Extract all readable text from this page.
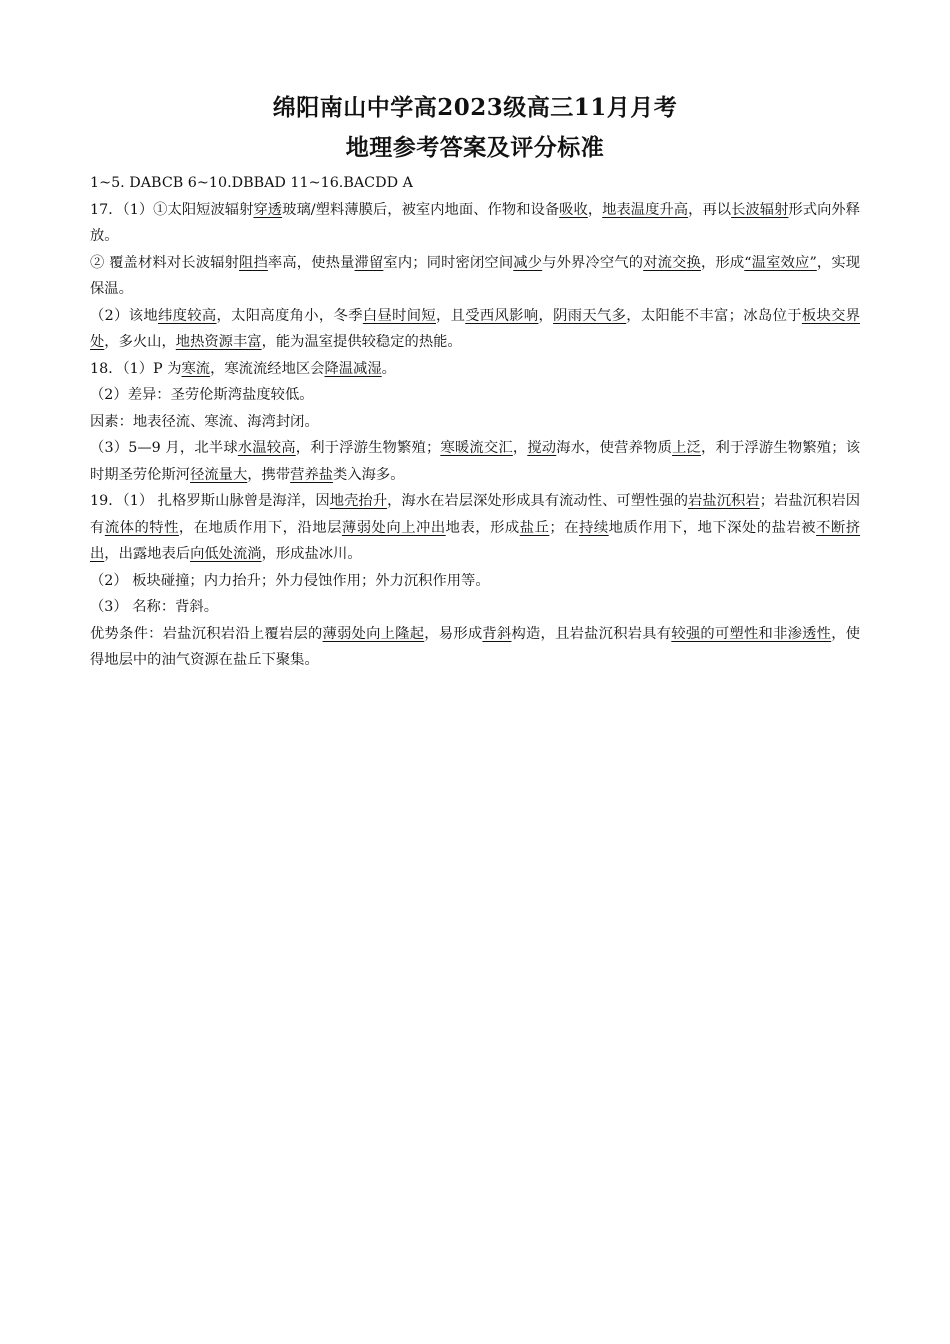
绵阳南山中学高2023级高三11月月考
地理参考答案及评分标准

1~5. DABCB 6~10.DBBAD 11~16.BACDD A

17．（1）①太阳短波辐射穿透玻璃/塑料薄膜后，被室内地面、作物和设备吸收，地表温度升高，再以长波辐射形式向外释放。

② 覆盖材料对长波辐射阻挡率高，使热量滞留室内；同时密闭空间减少与外界冷空气的对流交换，形成“温室效应”，实现保温。

（2）该地纬度较高，太阳高度角小，冬季白昼时间短，且受西风影响，阴雨天气多，太阳能不丰富；冰岛位于板块交界处，多火山，地热资源丰富，能为温室提供较稳定的热能。

18．（1）P 为寒流，寒流流经地区会降温减湿。

（2）差异：圣劳伦斯湾盐度较低。

因素：地表径流、寒流、海湾封闭。

（3）5—9 月，北半球水温较高，利于浮游生物繁殖；寒暖流交汇，搅动海水，使营养物质上泛，利于浮游生物繁殖；该时期圣劳伦斯河径流量大，携带营养盐类入海多。

19．（1） 扎格罗斯山脉曾是海洋，因地壳抬升，海水在岩层深处形成具有流动性、可塑性强的岩盐沉积岩；岩盐沉积岩因有流体的特性，在地质作用下，沿地层薄弱处向上冲出地表，形成盐丘；在持续地质作用下，地下深处的盐岩被不断挤出，出露地表后向低处流淌，形成盐冰川。

（2） 板块碰撞；内力抬升；外力侵蚀作用；外力沉积作用等。

（3） 名称：背斜。

优势条件：岩盐沉积岩沿上覆岩层的薄弱处向上隆起，易形成背斜构造，且岩盐沉积岩具有较强的可塑性和非渗透性，使得地层中的油气资源在盐丘下聚集。
